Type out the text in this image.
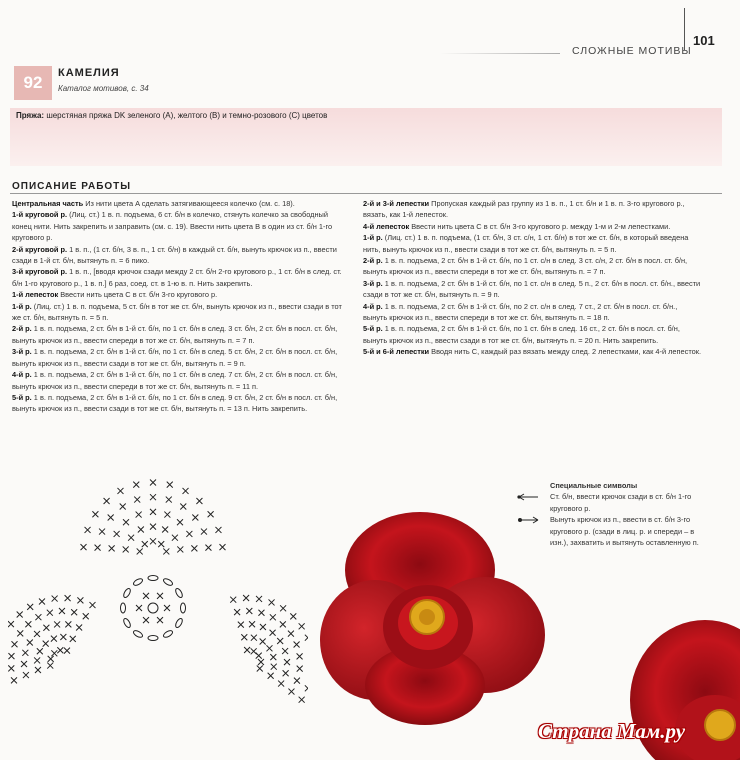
101
СЛОЖНЫЕ МОТИВЫ
92	КАМЕЛИЯ
Каталог мотивов, с. 34
Пряжа: шерстяная пряжа DK зеленого (A), желтого (B) и темно-розового (C) цветов
ОПИСАНИЕ РАБОТЫ

Центральная часть Из нити цвета A сделать затягивающееся колечко (см. с. 18).

1-й круговой р. (Лиц. ст.) 1 в. п. подъема, 6 ст. б/н в колечко, стянуть колечко за свободный конец нити. Нить закрепить и заправить (см. с. 19). Ввести нить цвета B в один из ст. б/н 1-го кругового р.

2-й круговой р. 1 в. п., (1 ст. б/н, 3 в. п., 1 ст. б/н) в каждый ст. б/н, вынуть крючок из п., ввести сзади в 1-й ст. б/н, вытянуть п. = 6 пико.

3-й круговой р. 1 в. п., [вводя крючок сзади между 2 ст. б/н 2-го кругового р., 1 ст. б/н в след. ст. б/н 1-го кругового р., 1 в. п.] 6 раз, соед. ст. в 1-ю в. п. Нить закрепить.

1-й лепесток Ввести нить цвета C в ст. б/н 3-го кругового р.

1-й р. (Лиц. ст.) 1 в. п. подъема, 5 ст. б/н в тот же ст. б/н, вынуть крючок из п., ввести сзади в тот же ст. б/н, вытянуть п. = 5 п.

2-й р. 1 в. п. подъема, 2 ст. б/н в 1-й ст. б/н, по 1 ст. б/н в след. 3 ст. б/н, 2 ст. б/н в посл. ст. б/н, вынуть крючок из п., ввести спереди в тот же ст. б/н, вытянуть п. = 7 п.

3-й р. 1 в. п. подъема, 2 ст. б/н в 1-й ст. б/н, по 1 ст. б/н в след. 5 ст. б/н, 2 ст. б/н в посл. ст. б/н, вынуть крючок из п., ввести сзади в тот же ст. б/н, вытянуть п. = 9 п.

4-й р. 1 в. п. подъема, 2 ст. б/н в 1-й ст. б/н, по 1 ст. б/н в след. 7 ст. б/н, 2 ст. б/н в посл. ст. б/н, вынуть крючок из п., ввести спереди в тот же ст. б/н, вытянуть п. = 11 п.

5-й р. 1 в. п. подъема, 2 ст. б/н в 1-й ст. б/н, по 1 ст. б/н в след. 9 ст. б/н, 2 ст. б/н в посл. ст. б/н, вынуть крючок из п., ввести сзади в тот же ст. б/н, вытянуть п. = 13 п. Нить закрепить.

2-й и 3-й лепестки Пропуская каждый раз группу из 1 в. п., 1 ст. б/н и 1 в. п. 3-го кругового р., вязать, как 1-й лепесток.

4-й лепесток Ввести нить цвета C в ст. б/н 3-го кругового р. между 1-м и 2-м лепестками.

1-й р. (Лиц. ст.) 1 в. п. подъема, (1 ст. б/н, 3 ст. с/н, 1 ст. б/н) в тот же ст. б/н, в который введена нить, вынуть крючок из п., ввести сзади в тот же ст. б/н, вытянуть п. = 5 п.

2-й р. 1 в. п. подъема, 2 ст. б/н в 1-й ст. б/н, по 1 ст. с/н в след. 3 ст. с/н, 2 ст. б/н в посл. ст. б/н, вынуть крючок из п., ввести спереди в тот же ст. б/н, вытянуть п. = 7 п.

3-й р. 1 в. п. подъема, 2 ст. б/н в 1-й ст. б/н, по 1 ст. с/н в след. 5 п., 2 ст. б/н в посл. ст. б/н., ввести сзади в тот же ст. б/н, вытянуть п. = 9 п.

4-й р. 1 в. п. подъема, 2 ст. б/н в 1-й ст. б/н, по 2 ст. с/н в след. 7 ст., 2 ст. б/н в посл. ст. б/н., вынуть крючок из п., ввести спереди в тот же ст. б/н, вытянуть п. = 18 п.

5-й р. 1 в. п. подъема, 2 ст. б/н в 1-й ст. б/н, по 1 ст. б/н в след. 16 ст., 2 ст. б/н в посл. ст. б/н, вынуть крючок из п., ввести сзади в тот же ст. б/н, вытянуть п. = 20 п. Нить закрепить.

5-й и 6-й лепестки Вводя нить C, каждый раз вязать между след. 2 лепестками, как 4-й лепесток.

Специальные символы
Ст. б/н, ввести крючок сзади в ст. б/н 1-го кругового р.
Вынуть крючок из п., ввести в ст. б/н 3-го кругового р. (сзади в лиц. р. и спереди – в изн.), захватить и вытянуть оставленную п.
Страна Мам.ру
